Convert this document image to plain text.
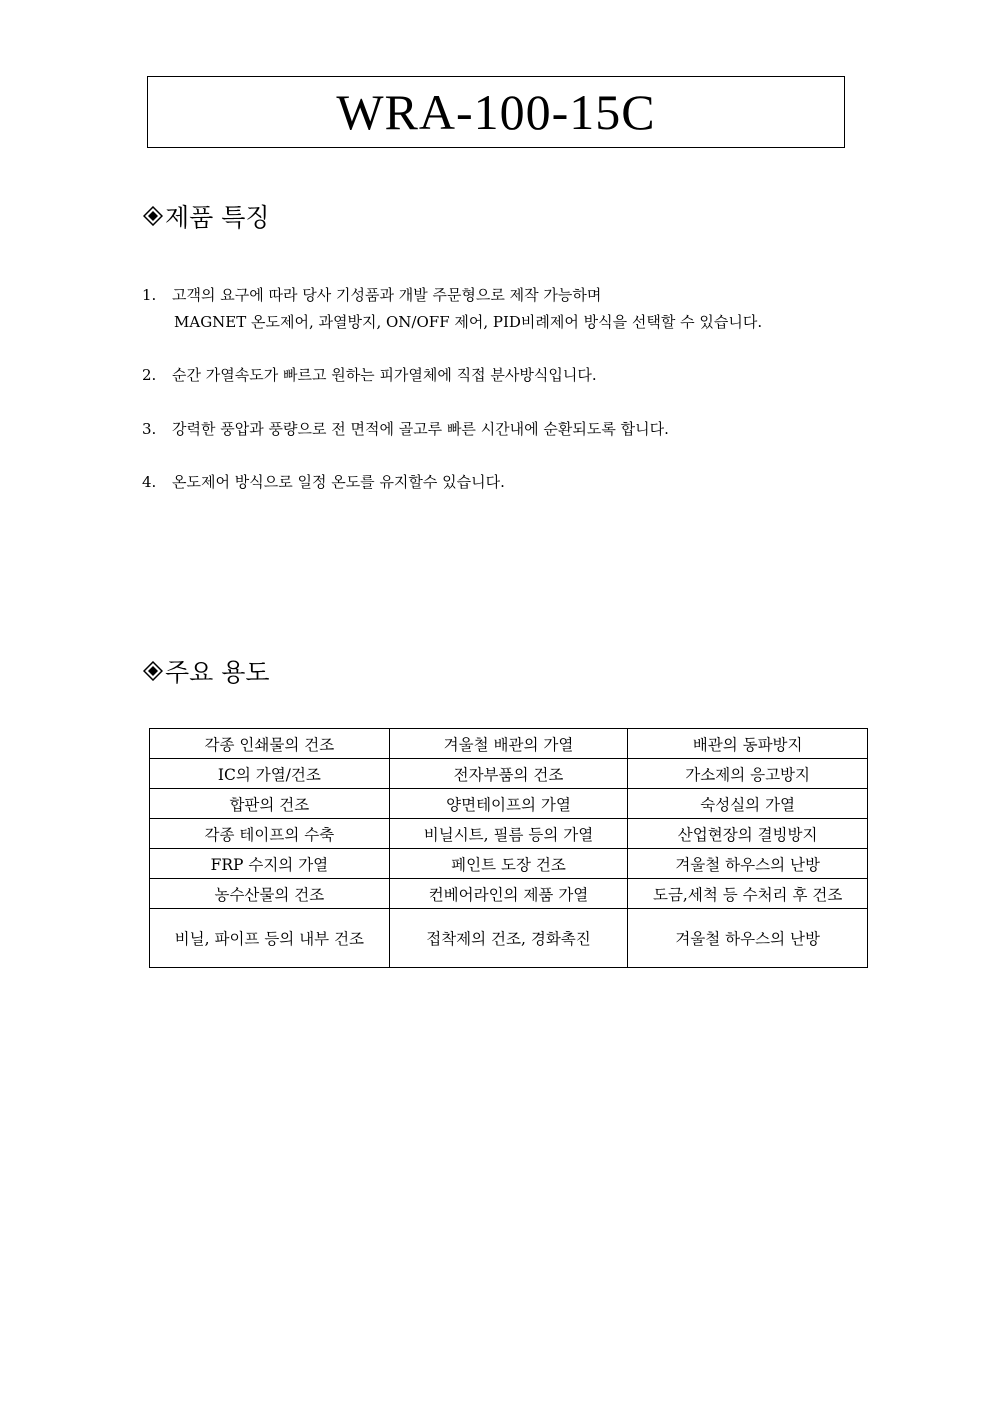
WRA-100-15C
제품 특징
1. 고객의 요구에 따라 당사 기성품과 개발 주문형으로 제작 가능하며
MAGNET 온도제어, 과열방지, ON/OFF 제어, PID비례제어 방식을 선택할 수 있습니다.
2. 순간 가열속도가 빠르고 원하는 피가열체에 직접 분사방식입니다.
3. 강력한 풍압과 풍량으로 전 면적에 골고루 빠른 시간내에 순환되도록 합니다.
4. 온도제어 방식으로 일정 온도를 유지할수 있습니다.
주요 용도
각종 인쇄물의 건조	겨울철 배관의 가열	배관의 동파방지
IC의 가열/건조	전자부품의 건조	가소제의 응고방지
합판의 건조	양면테이프의 가열	숙성실의 가열
각종 테이프의 수축	비닐시트, 필름 등의 가열	산업현장의 결빙방지
FRP 수지의 가열	페인트 도장 건조	겨울철 하우스의 난방
농수산물의 건조	컨베어라인의 제품 가열	도금,세척 등 수처리 후 건조
비닐, 파이프 등의 내부 건조	접착제의 건조, 경화촉진	겨울철 하우스의 난방
